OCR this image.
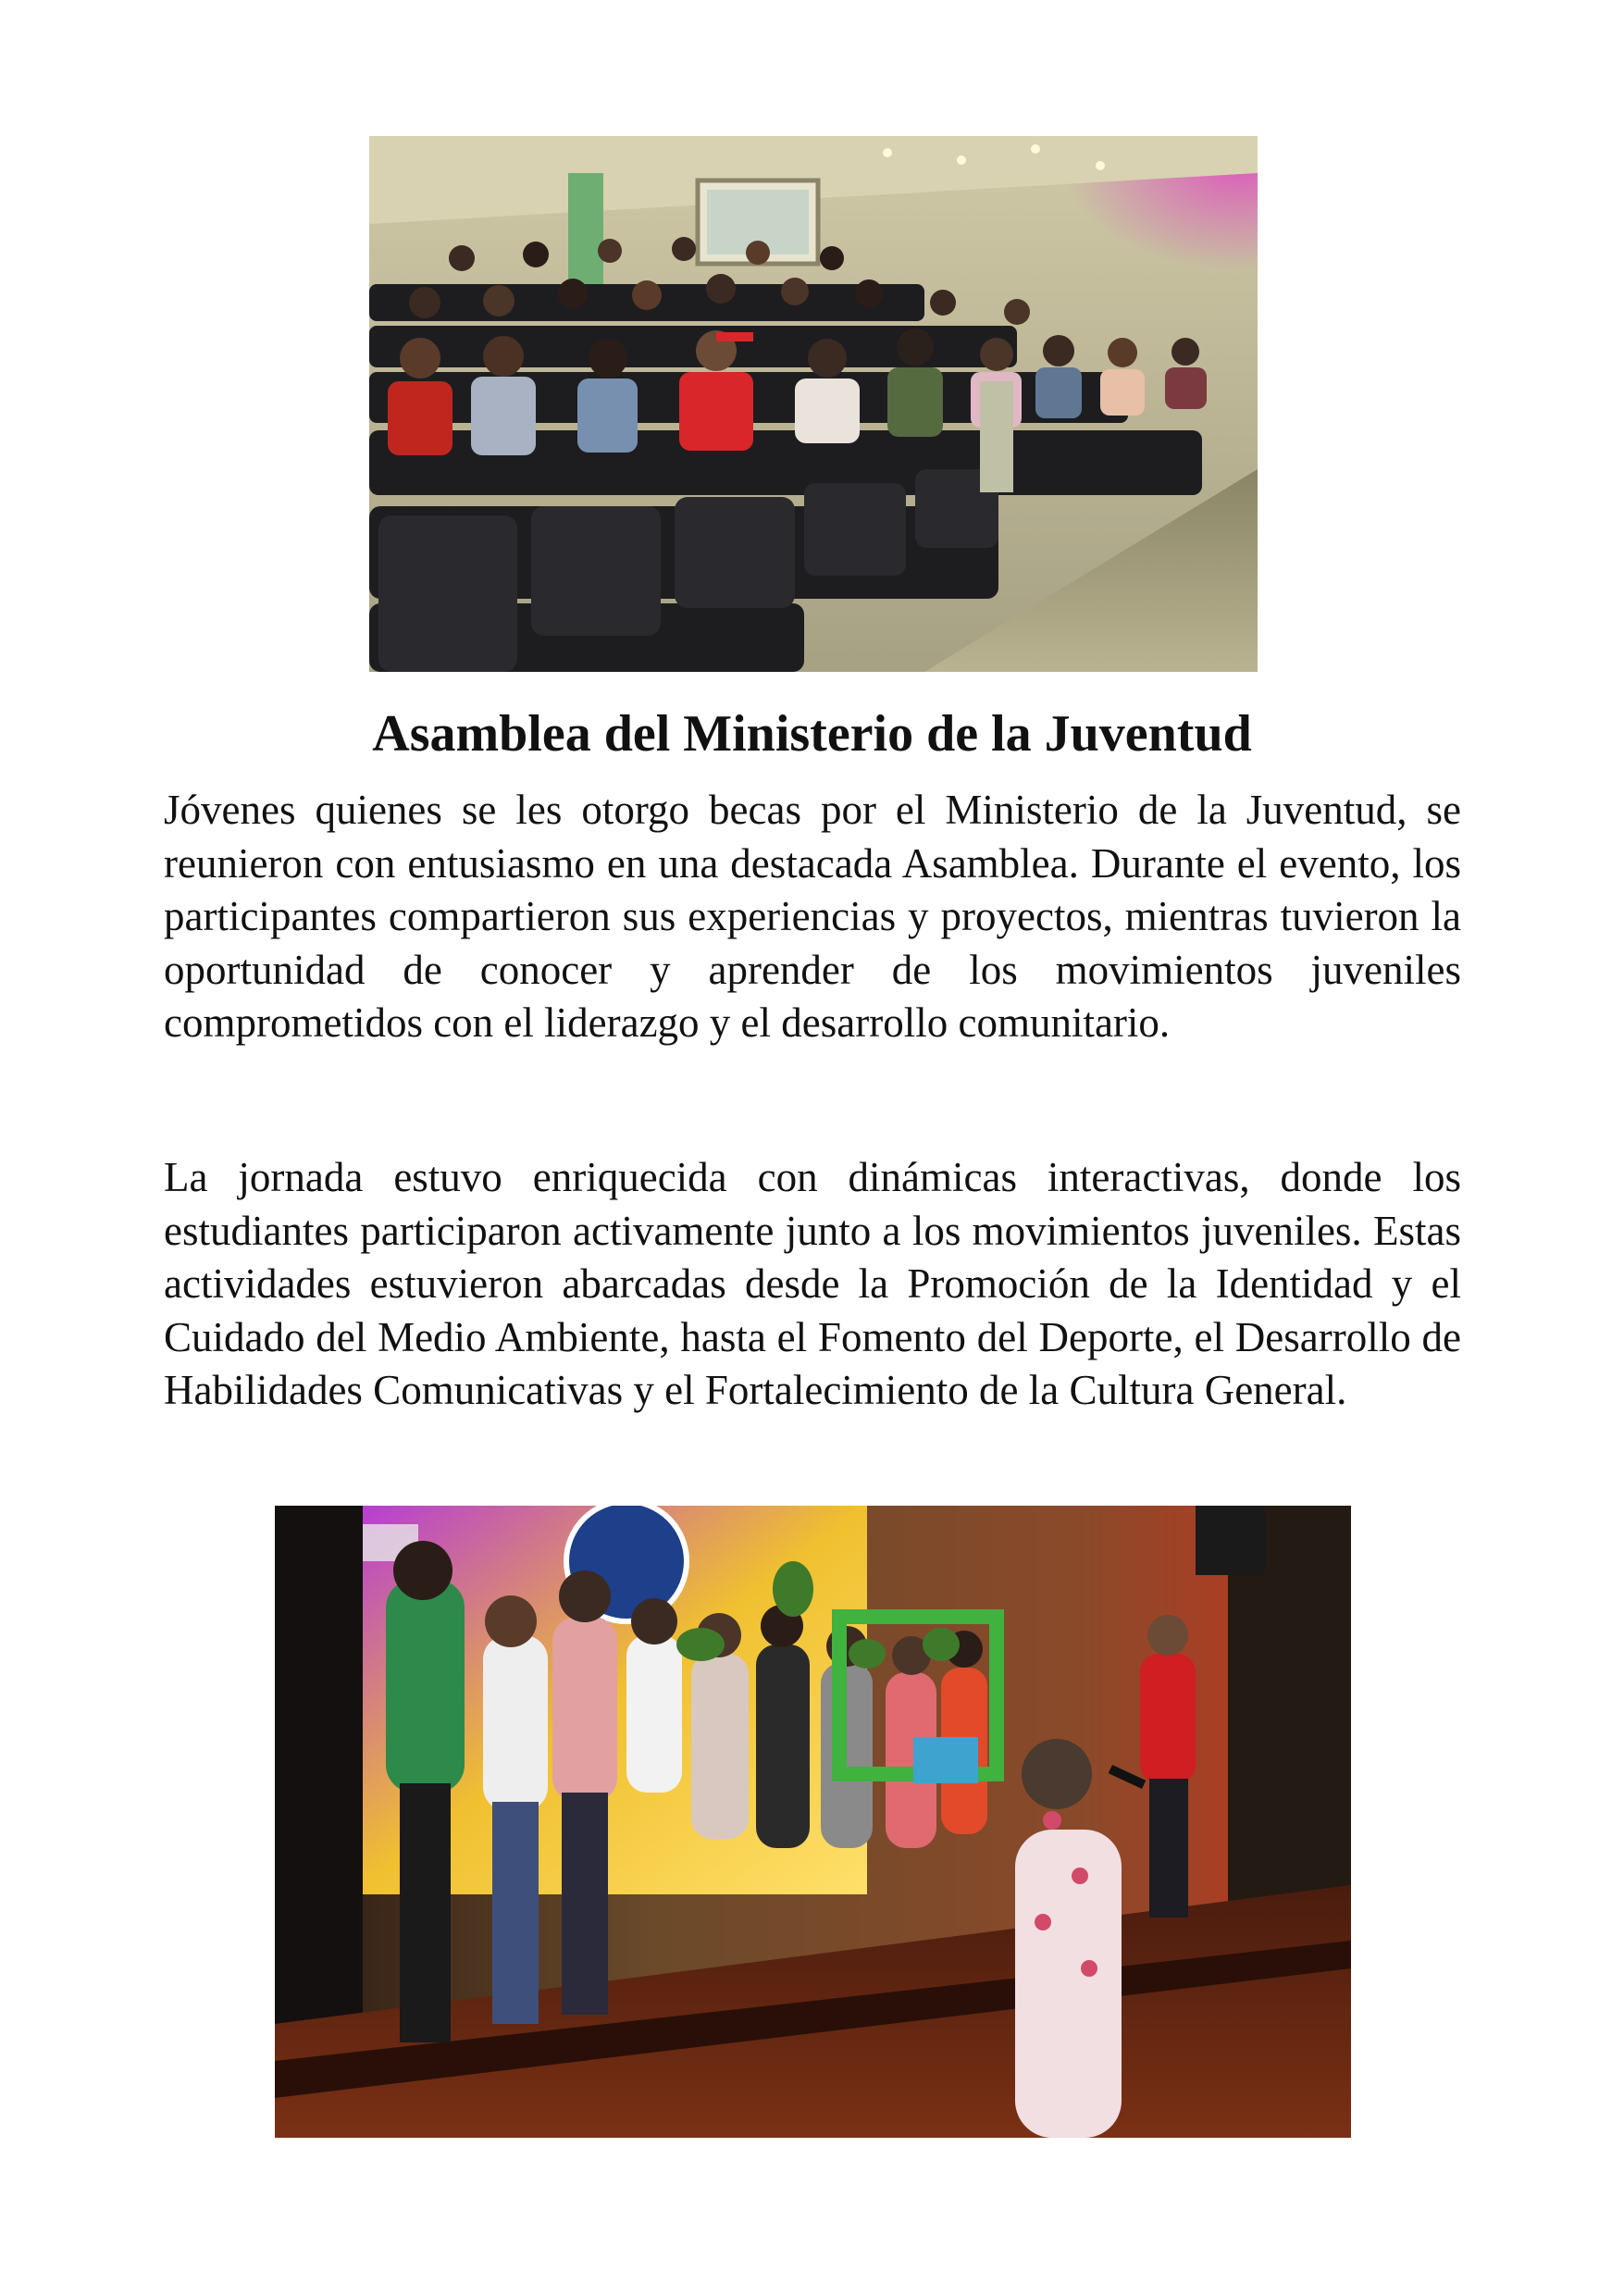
Asamblea del Ministerio de la Juventud

Jóvenes quienes se les otorgo becas por el Ministerio de la Juventud, se reunieron con entusiasmo en una destacada Asamblea. Durante el evento, los participantes compartieron sus experiencias y proyectos, mientras tuvieron la oportunidad de conocer y aprender de los movimientos juveniles comprometidos con el liderazgo y el desarrollo comunitario.

La jornada estuvo enriquecida con dinámicas interactivas, donde los estudiantes participaron activamente junto a los movimientos juveniles. Estas actividades estuvieron abarcadas desde la Promoción de la Identidad y el Cuidado del Medio Ambiente, hasta el Fomento del Deporte, el Desarrollo de Habilidades Comunicativas y el Fortalecimiento de la Cultura General.
